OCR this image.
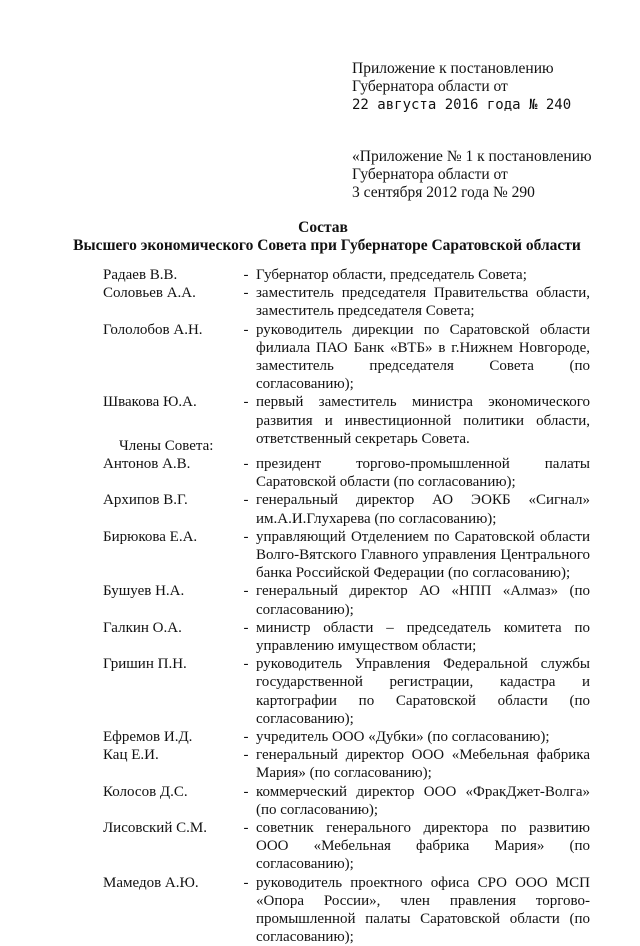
Приложение к постановлению
Губернатора области от
22 августа 2016 года № 240
«Приложение № 1 к постановлению
Губернатора области от
3 сентября 2012 года № 290
Состав
Высшего экономического Совета при Губернаторе Саратовской области
Радаев В.В.	- Губернатор области, председатель Совета;
Соловьев А.А.	- заместитель председателя Правительства области, заместитель председателя Совета;
Гололобов А.Н.	- руководитель дирекции по Саратовской области филиала ПАО Банк «ВТБ» в г.Нижнем Новгороде, заместитель председателя Совета (по согласованию);
Швакова Ю.А.	- первый заместитель министра экономического развития и инвестиционной политики области, ответственный секретарь Совета.
Члены Совета:
Антонов А.В.	- президент торгово-промышленной палаты Саратовской области (по согласованию);
Архипов В.Г.	- генеральный директор АО ЭОКБ «Сигнал» им.А.И.Глухарева (по согласованию);
Бирюкова Е.А.	- управляющий Отделением по Саратовской области Волго-Вятского Главного управления Центрального банка Российской Федерации (по согласованию);
Бушуев Н.А.	- генеральный директор АО «НПП «Алмаз» (по согласованию);
Галкин О.А.	- министр области – председатель комитета по управлению имуществом области;
Гришин П.Н.	- руководитель Управления Федеральной службы государственной регистрации, кадастра и картографии по Саратовской области (по согласованию);
Ефремов И.Д.	- учредитель ООО «Дубки» (по согласованию);
Кац Е.И.	- генеральный директор ООО «Мебельная фабрика Мария» (по согласованию);
Колосов Д.С.	- коммерческий директор ООО «ФракДжет-Волга» (по согласованию);
Лисовский С.М.	- советник генерального директора по развитию ООО «Мебельная фабрика Мария» (по согласованию);
Мамедов А.Ю.	- руководитель проектного офиса СРО ООО МСП «Опора России», член правления торгово-промышленной палаты Саратовской области (по согласованию);
